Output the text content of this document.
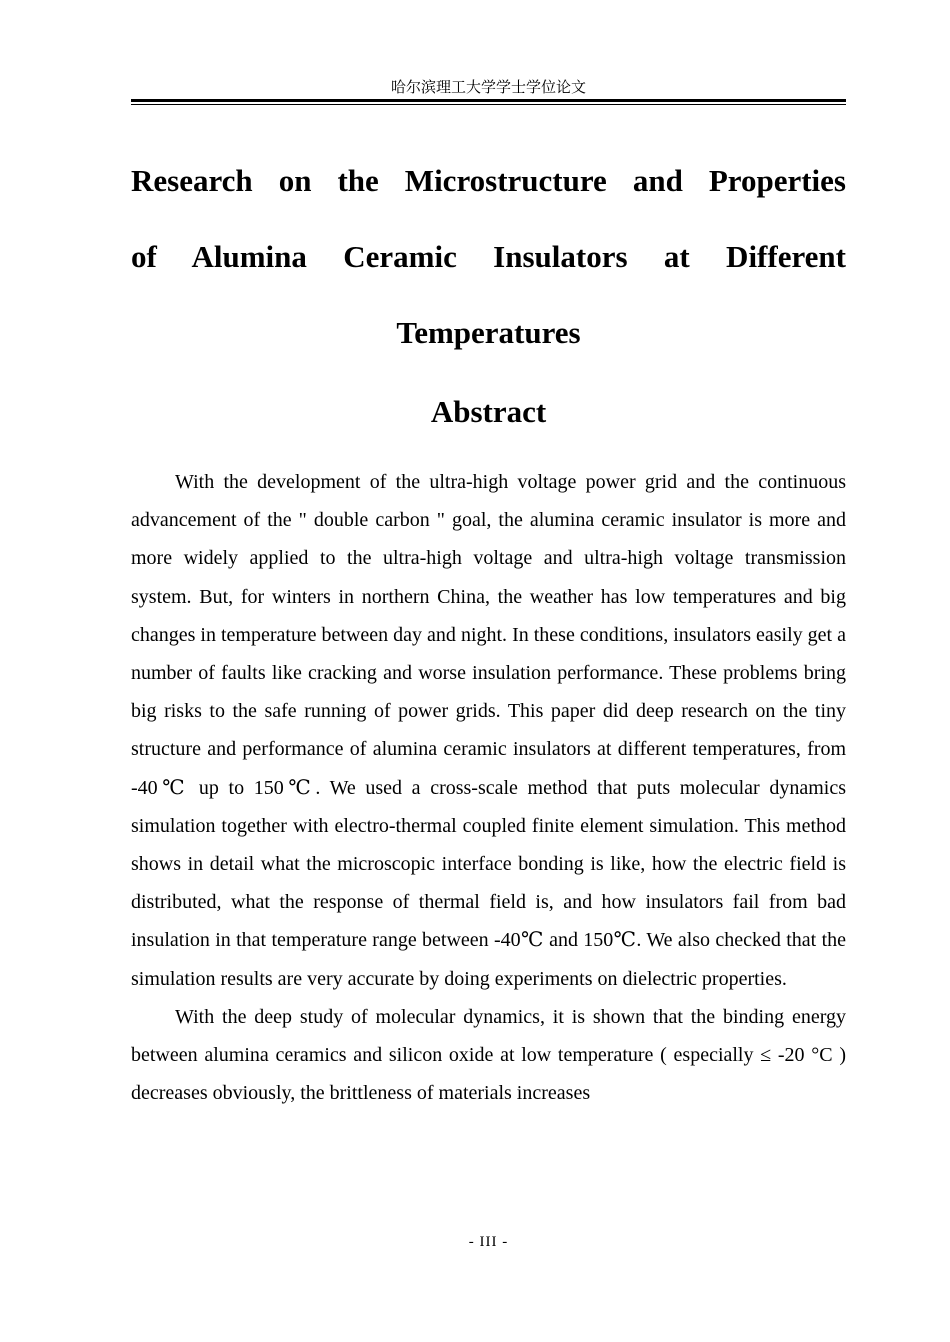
哈尔滨理工大学学士学位论文
Research on the Microstructure and Properties
of Alumina Ceramic Insulators at Different
Temperatures
Abstract

With the development of the ultra-high voltage power grid and the continuous advancement of the " double carbon " goal, the alumina ceramic insulator is more and more widely applied to the ultra-high voltage and ultra-high voltage transmission system. But, for winters in northern China, the weather has low temperatures and big changes in temperature between day and night. In these conditions, insulators easily get a number of faults like cracking and worse insulation performance. These problems bring big risks to the safe running of power grids. This paper did deep research on the tiny structure and performance of alumina ceramic insulators at different temperatures, from -40℃ up to 150℃. We used a cross-scale method that puts molecular dynamics simulation together with electro-thermal coupled finite element simulation. This method shows in detail what the microscopic interface bonding is like, how the electric field is distributed, what the response of thermal field is, and how insulators fail from bad insulation in that temperature range between -40℃ and 150℃. We also checked that the simulation results are very accurate by doing experiments on dielectric properties.

With the deep study of molecular dynamics, it is shown that the binding energy between alumina ceramics and silicon oxide at low temperature ( especially ≤ -20 °C ) decreases obviously, the brittleness of materials increases

- III -
